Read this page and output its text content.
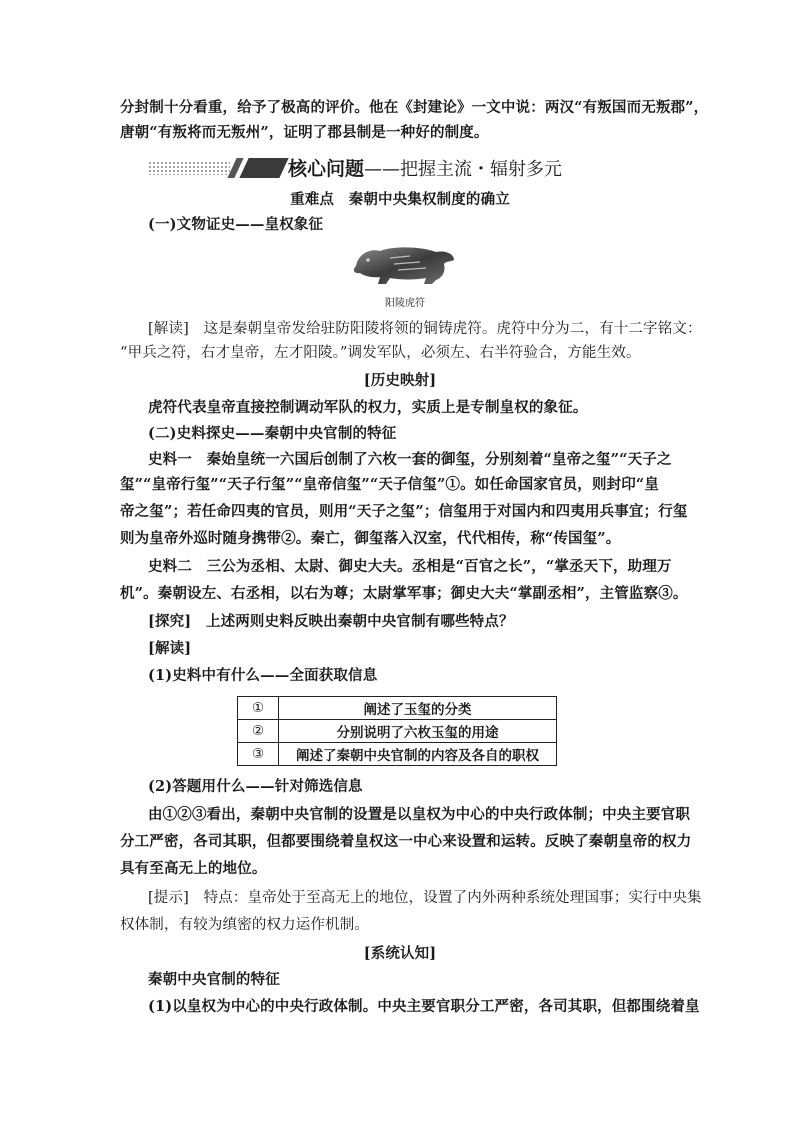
分封制十分看重，给予了极高的评价。他在《封建论》一文中说：两汉“有叛国而无叛郡”，
唐朝“有叛将而无叛州”，证明了郡县制是一种好的制度。
核心问题——把握主流・辐射多元
重难点　秦朝中央集权制度的确立
(一)文物证史——皇权象征
阳陵虎符
[解读]　这是秦朝皇帝发给驻防阳陵将领的铜铸虎符。虎符中分为二，有十二字铭文：
“甲兵之符，右才皇帝，左才阳陵。”调发军队，必须左、右半符验合，方能生效。
[历史映射]
虎符代表皇帝直接控制调动军队的权力，实质上是专制皇权的象征。
(二)史料探史——秦朝中央官制的特征
史料一　秦始皇统一六国后创制了六枚一套的御玺，分别刻着“皇帝之玺”“天子之
玺”“皇帝行玺”“天子行玺”“皇帝信玺”“天子信玺”①。如任命国家官员，则封印“皇
帝之玺”；若任命四夷的官员，则用“天子之玺”；信玺用于对国内和四夷用兵事宜；行玺
则为皇帝外巡时随身携带②。秦亡，御玺落入汉室，代代相传，称“传国玺”。
史料二　三公为丞相、太尉、御史大夫。丞相是“百官之长”，“掌丞天下，助理万
机”。秦朝设左、右丞相，以右为尊；太尉掌军事；御史大夫“掌副丞相”，主管监察③。
[探究]　上述两则史料反映出秦朝中央官制有哪些特点？
[解读]
(1)史料中有什么——全面获取信息
①	阐述了玉玺的分类
②	分别说明了六枚玉玺的用途
③	阐述了秦朝中央官制的内容及各自的职权
(2)答题用什么——针对筛选信息
由①②③看出，秦朝中央官制的设置是以皇权为中心的中央行政体制；中央主要官职
分工严密，各司其职，但都要围绕着皇权这一中心来设置和运转。反映了秦朝皇帝的权力
具有至高无上的地位。
[提示]　特点：皇帝处于至高无上的地位，设置了内外两种系统处理国事；实行中央集
权体制，有较为缜密的权力运作机制。
[系统认知]
秦朝中央官制的特征
(1)以皇权为中心的中央行政体制。中央主要官职分工严密，各司其职，但都围绕着皇
